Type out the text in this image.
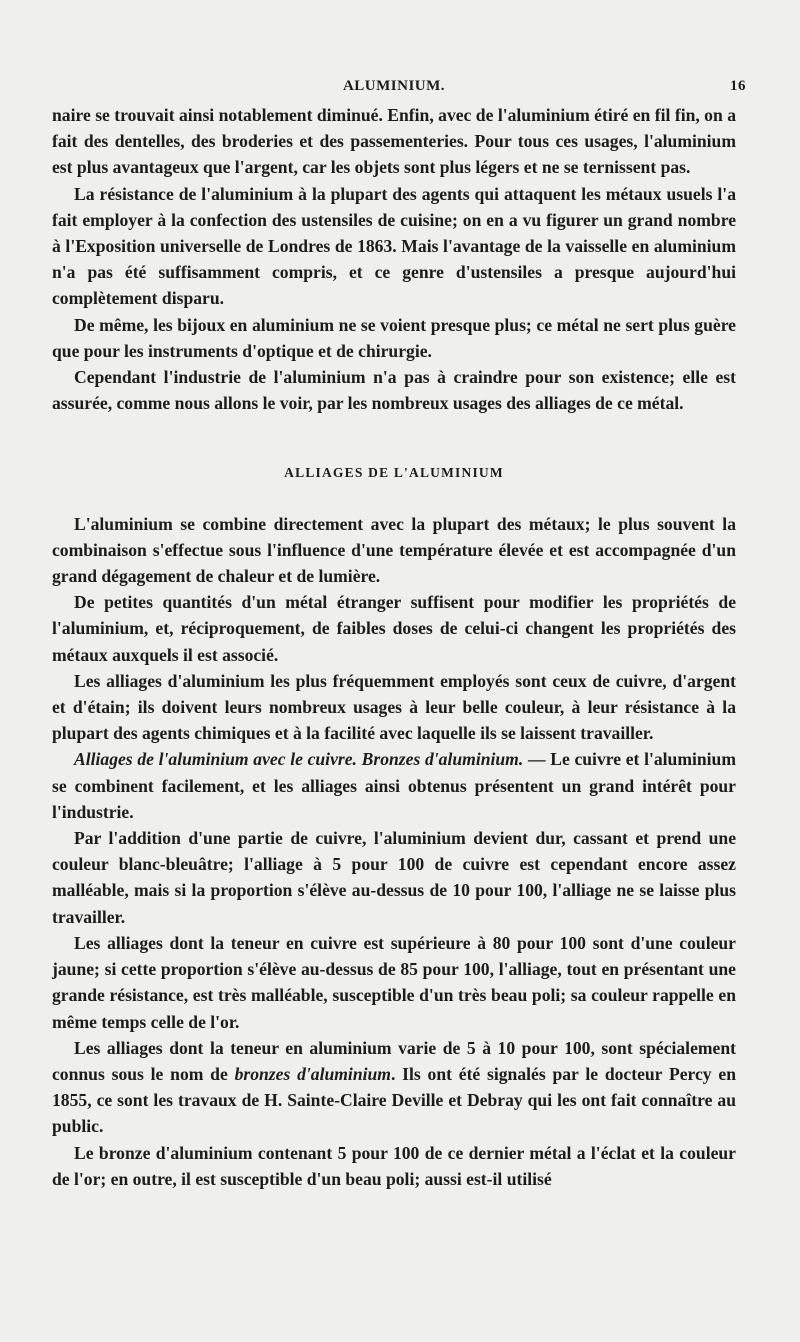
ALUMINIUM.	16

naire se trouvait ainsi notablement diminué. Enfin, avec de l'aluminium étiré en fil fin, on a fait des dentelles, des broderies et des passementeries. Pour tous ces usages, l'aluminium est plus avantageux que l'argent, car les objets sont plus légers et ne se ternissent pas.

La résistance de l'aluminium à la plupart des agents qui attaquent les métaux usuels l'a fait employer à la confection des ustensiles de cuisine; on en a vu figurer un grand nombre à l'Exposition universelle de Londres de 1863. Mais l'avantage de la vaisselle en aluminium n'a pas été suffisamment compris, et ce genre d'ustensiles a presque aujourd'hui complètement disparu.

De même, les bijoux en aluminium ne se voient presque plus; ce métal ne sert plus guère que pour les instruments d'optique et de chirurgie.

Cependant l'industrie de l'aluminium n'a pas à craindre pour son existence; elle est assurée, comme nous allons le voir, par les nombreux usages des alliages de ce métal.

ALLIAGES DE L'ALUMINIUM

L'aluminium se combine directement avec la plupart des métaux; le plus souvent la combinaison s'effectue sous l'influence d'une température élevée et est accompagnée d'un grand dégagement de chaleur et de lumière.

De petites quantités d'un métal étranger suffisent pour modifier les propriétés de l'aluminium, et, réciproquement, de faibles doses de celui-ci changent les propriétés des métaux auxquels il est associé.

Les alliages d'aluminium les plus fréquemment employés sont ceux de cuivre, d'argent et d'étain; ils doivent leurs nombreux usages à leur belle couleur, à leur résistance à la plupart des agents chimiques et à la facilité avec laquelle ils se laissent travailler.

Alliages de l'aluminium avec le cuivre. Bronzes d'aluminium. — Le cuivre et l'aluminium se combinent facilement, et les alliages ainsi obtenus présentent un grand intérêt pour l'industrie.

Par l'addition d'une partie de cuivre, l'aluminium devient dur, cassant et prend une couleur blanc-bleuâtre; l'alliage à 5 pour 100 de cuivre est cependant encore assez malléable, mais si la proportion s'élève au-dessus de 10 pour 100, l'alliage ne se laisse plus travailler.

Les alliages dont la teneur en cuivre est supérieure à 80 pour 100 sont d'une couleur jaune; si cette proportion s'élève au-dessus de 85 pour 100, l'alliage, tout en présentant une grande résistance, est très malléable, susceptible d'un très beau poli; sa couleur rappelle en même temps celle de l'or.

Les alliages dont la teneur en aluminium varie de 5 à 10 pour 100, sont spécialement connus sous le nom de bronzes d'aluminium. Ils ont été signalés par le docteur Percy en 1855, ce sont les travaux de H. Sainte-Claire Deville et Debray qui les ont fait connaître au public.

Le bronze d'aluminium contenant 5 pour 100 de ce dernier métal a l'éclat et la couleur de l'or; en outre, il est susceptible d'un beau poli; aussi est-il utilisé
